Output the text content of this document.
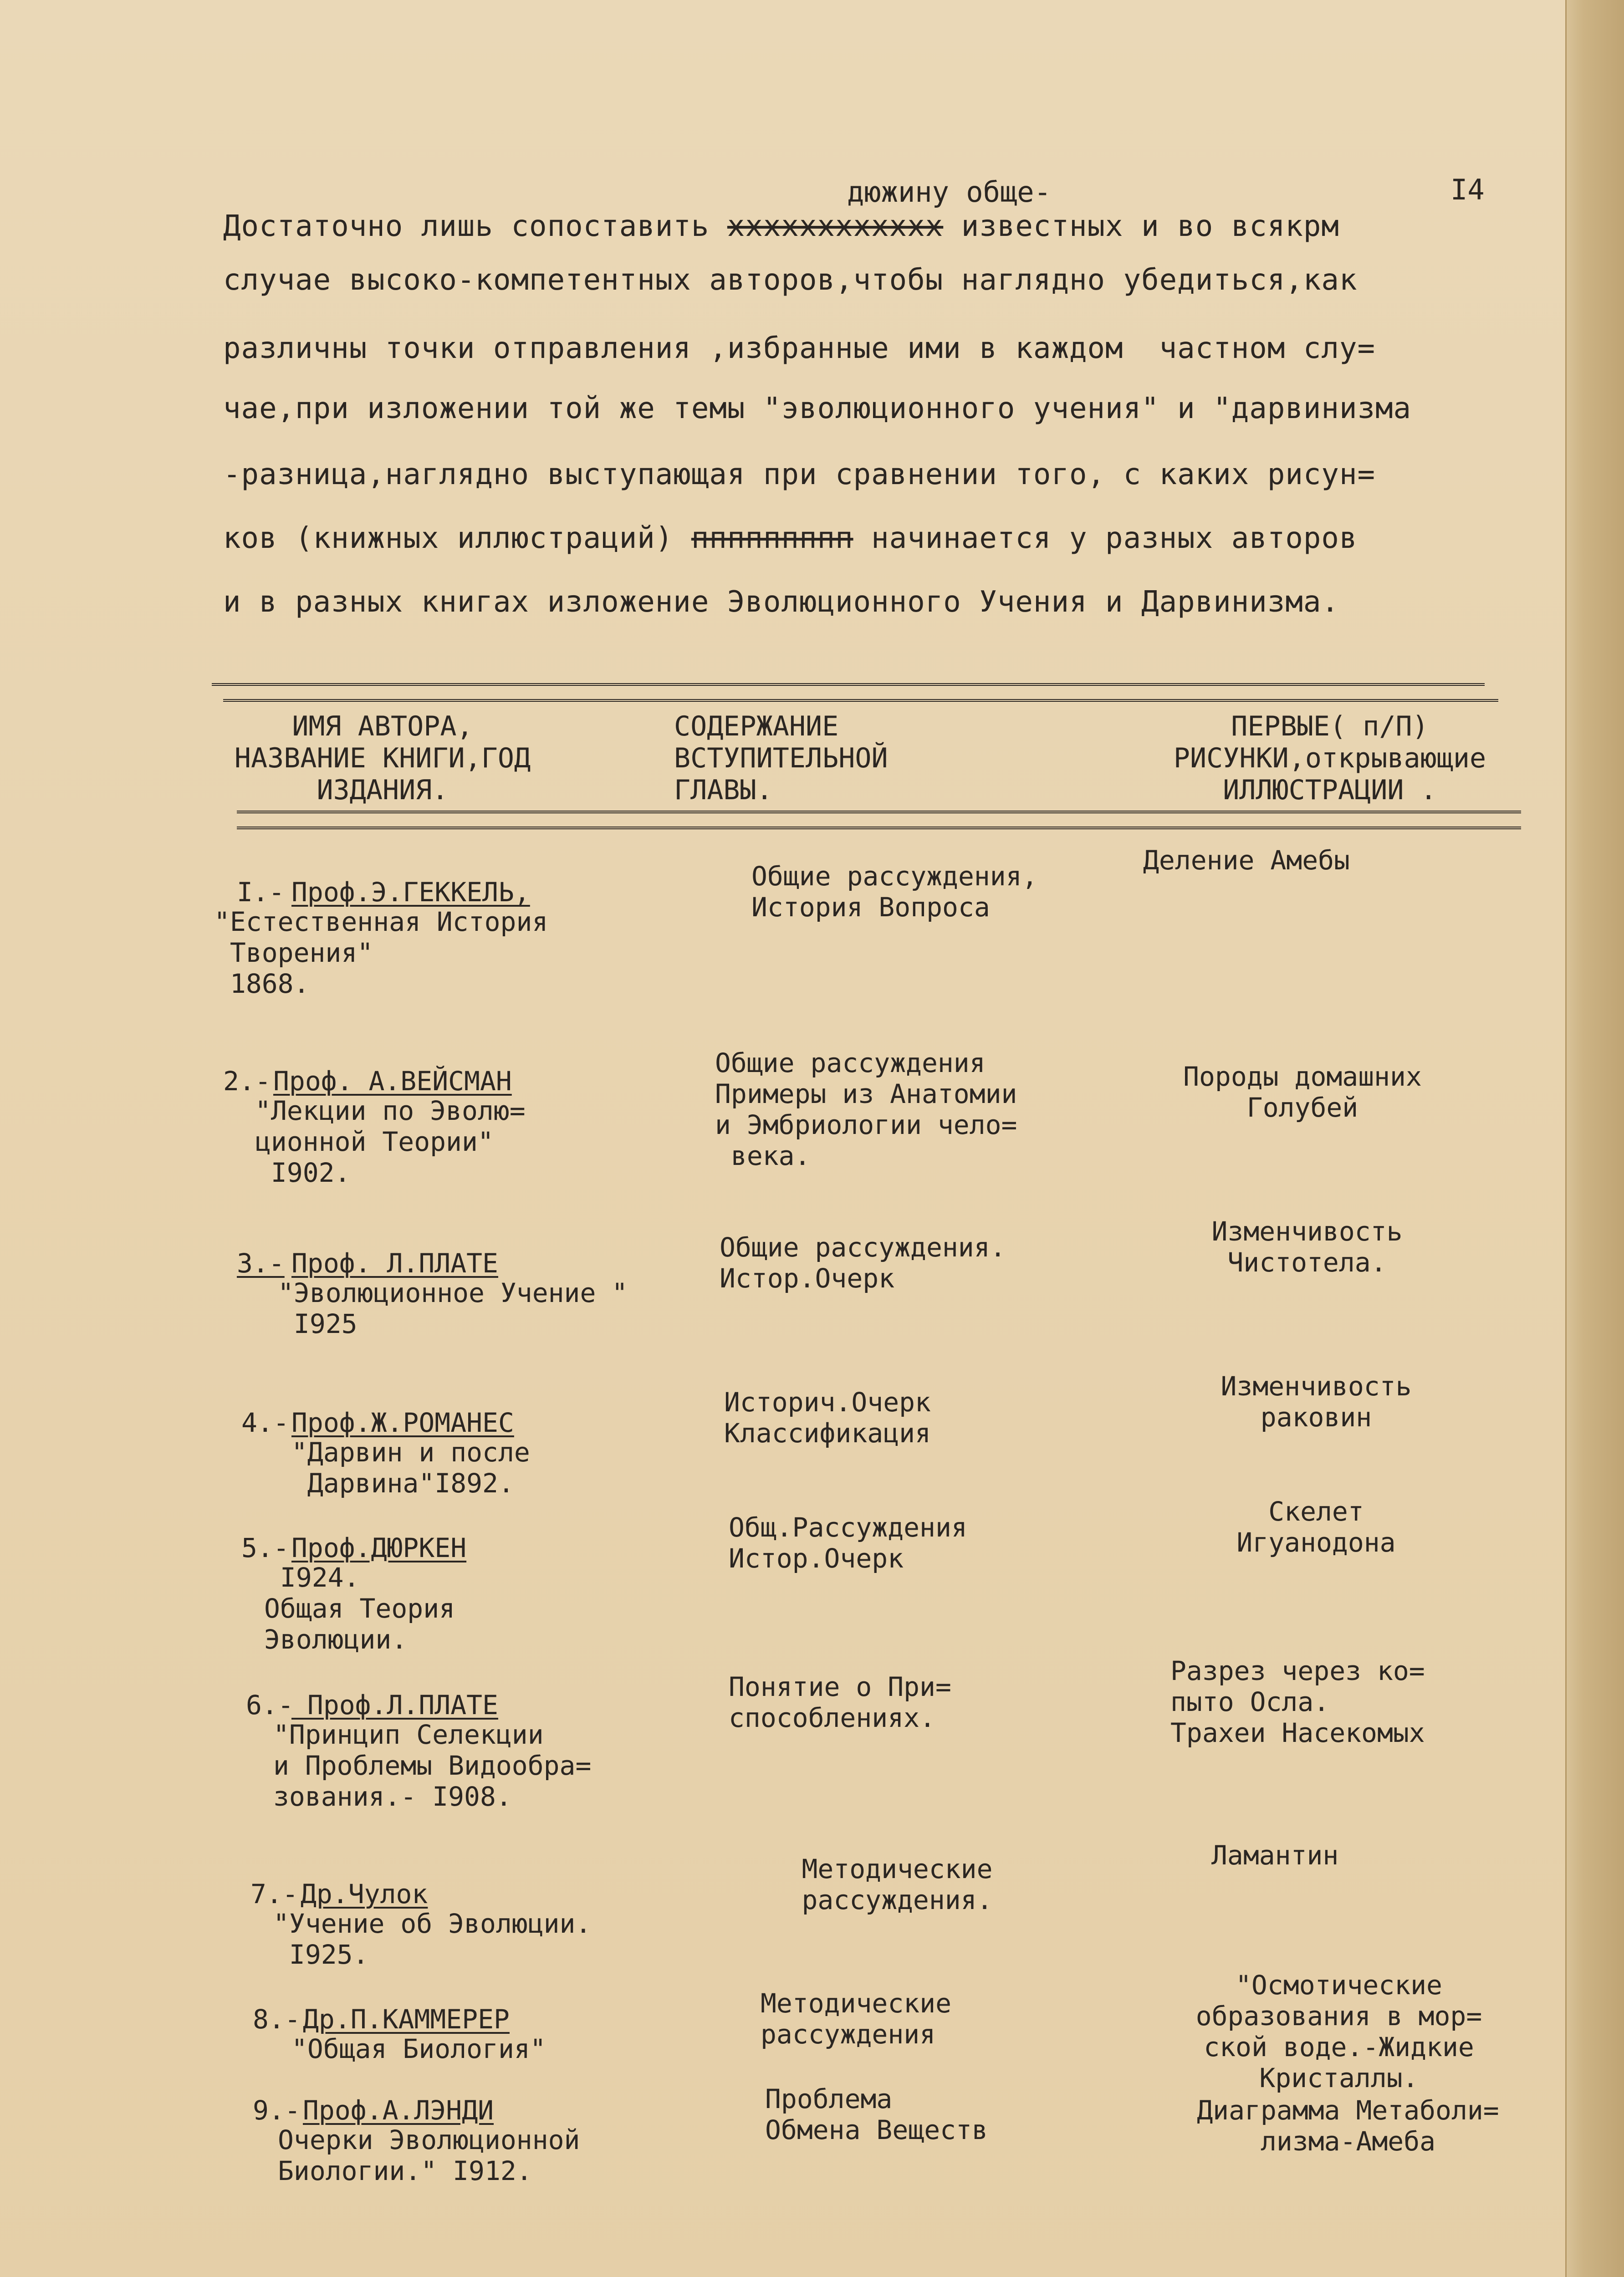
I4
дюжину обще-
Достаточно лишь сопоставить хххххххххххх известных и во всякрм
случае высоко-компетентных авторов,чтобы наглядно убедиться,как
различны точки отправления ,избранные ими в каждом  частном слу=
чае,при изложении той же темы "эволюционного учения" и "дарвинизма
-разница,наглядно выступающая при сравнении того, с каких рисун=
ков (книжных иллюстраций) ппппппппп начинается у разных авторов
и в разных книгах изложение Эволюционного Учения и Дарвинизма.
ИМЯ АВТОРА,
НАЗВАНИЕ КНИГИ,ГОД
ИЗДАНИЯ.
СОДЕРЖАНИЕ
ВСТУПИТЕЛЬНОЙ
ГЛАВЫ.
ПЕРВЫЕ( п/П)
РИСУНКИ,открывающие
ИЛЛЮСТРАЦИИ .
I.- Проф.Э.ГЕККЕЛЬ,
"Естественная История
Творения"
1868.
Общие рассуждения,
История Вопроса
Деление Амебы
2.- Проф. А.ВЕЙСМАН
"Лекции по Эволю=
ционной Теории"
I902.
Общие рассуждения
Примеры из Анатомии
и Эмбриологии чело=
века.
Породы домашних
Голубей
3.- Проф. Л.ПЛАТЕ
"Эволюционное Учение "
I925
Общие рассуждения.
Истор.Очерк
Изменчивость
Чистотела.
4.- Проф.Ж.РОМАНЕС
"Дарвин и после
Дарвина"I892.
Историч.Очерк
Классификация
Изменчивость
раковин
5.- Проф.ДЮРКЕН
I924.
Общая Теория
Эволюции.
Общ.Рассуждения
Истор.Очерк
Скелет
Игуанодона
6.-
Проф.Л.ПЛАТЕ
"Принцип Селекции
и Проблемы Видообра=
зования.- I908.
Понятие о При=
способлениях.
Разрез через ко=
пыто Осла.
Трахеи Насекомых
7.- Др.Чулок
"Учение об Эволюции.
I925.
Методические
рассуждения.
Ламантин
8.- Др.П.КАММЕРЕР
"Общая Биология"
Методические
рассуждения
"Осмотические
образования в мор=
ской воде.-Жидкие
Кристаллы.
9.- Проф.А.ЛЭНДИ
Очерки Эволюционной
Биологии." I912.
Проблема
Обмена Веществ
Диаграмма Метаболи=
лизма-Амеба
